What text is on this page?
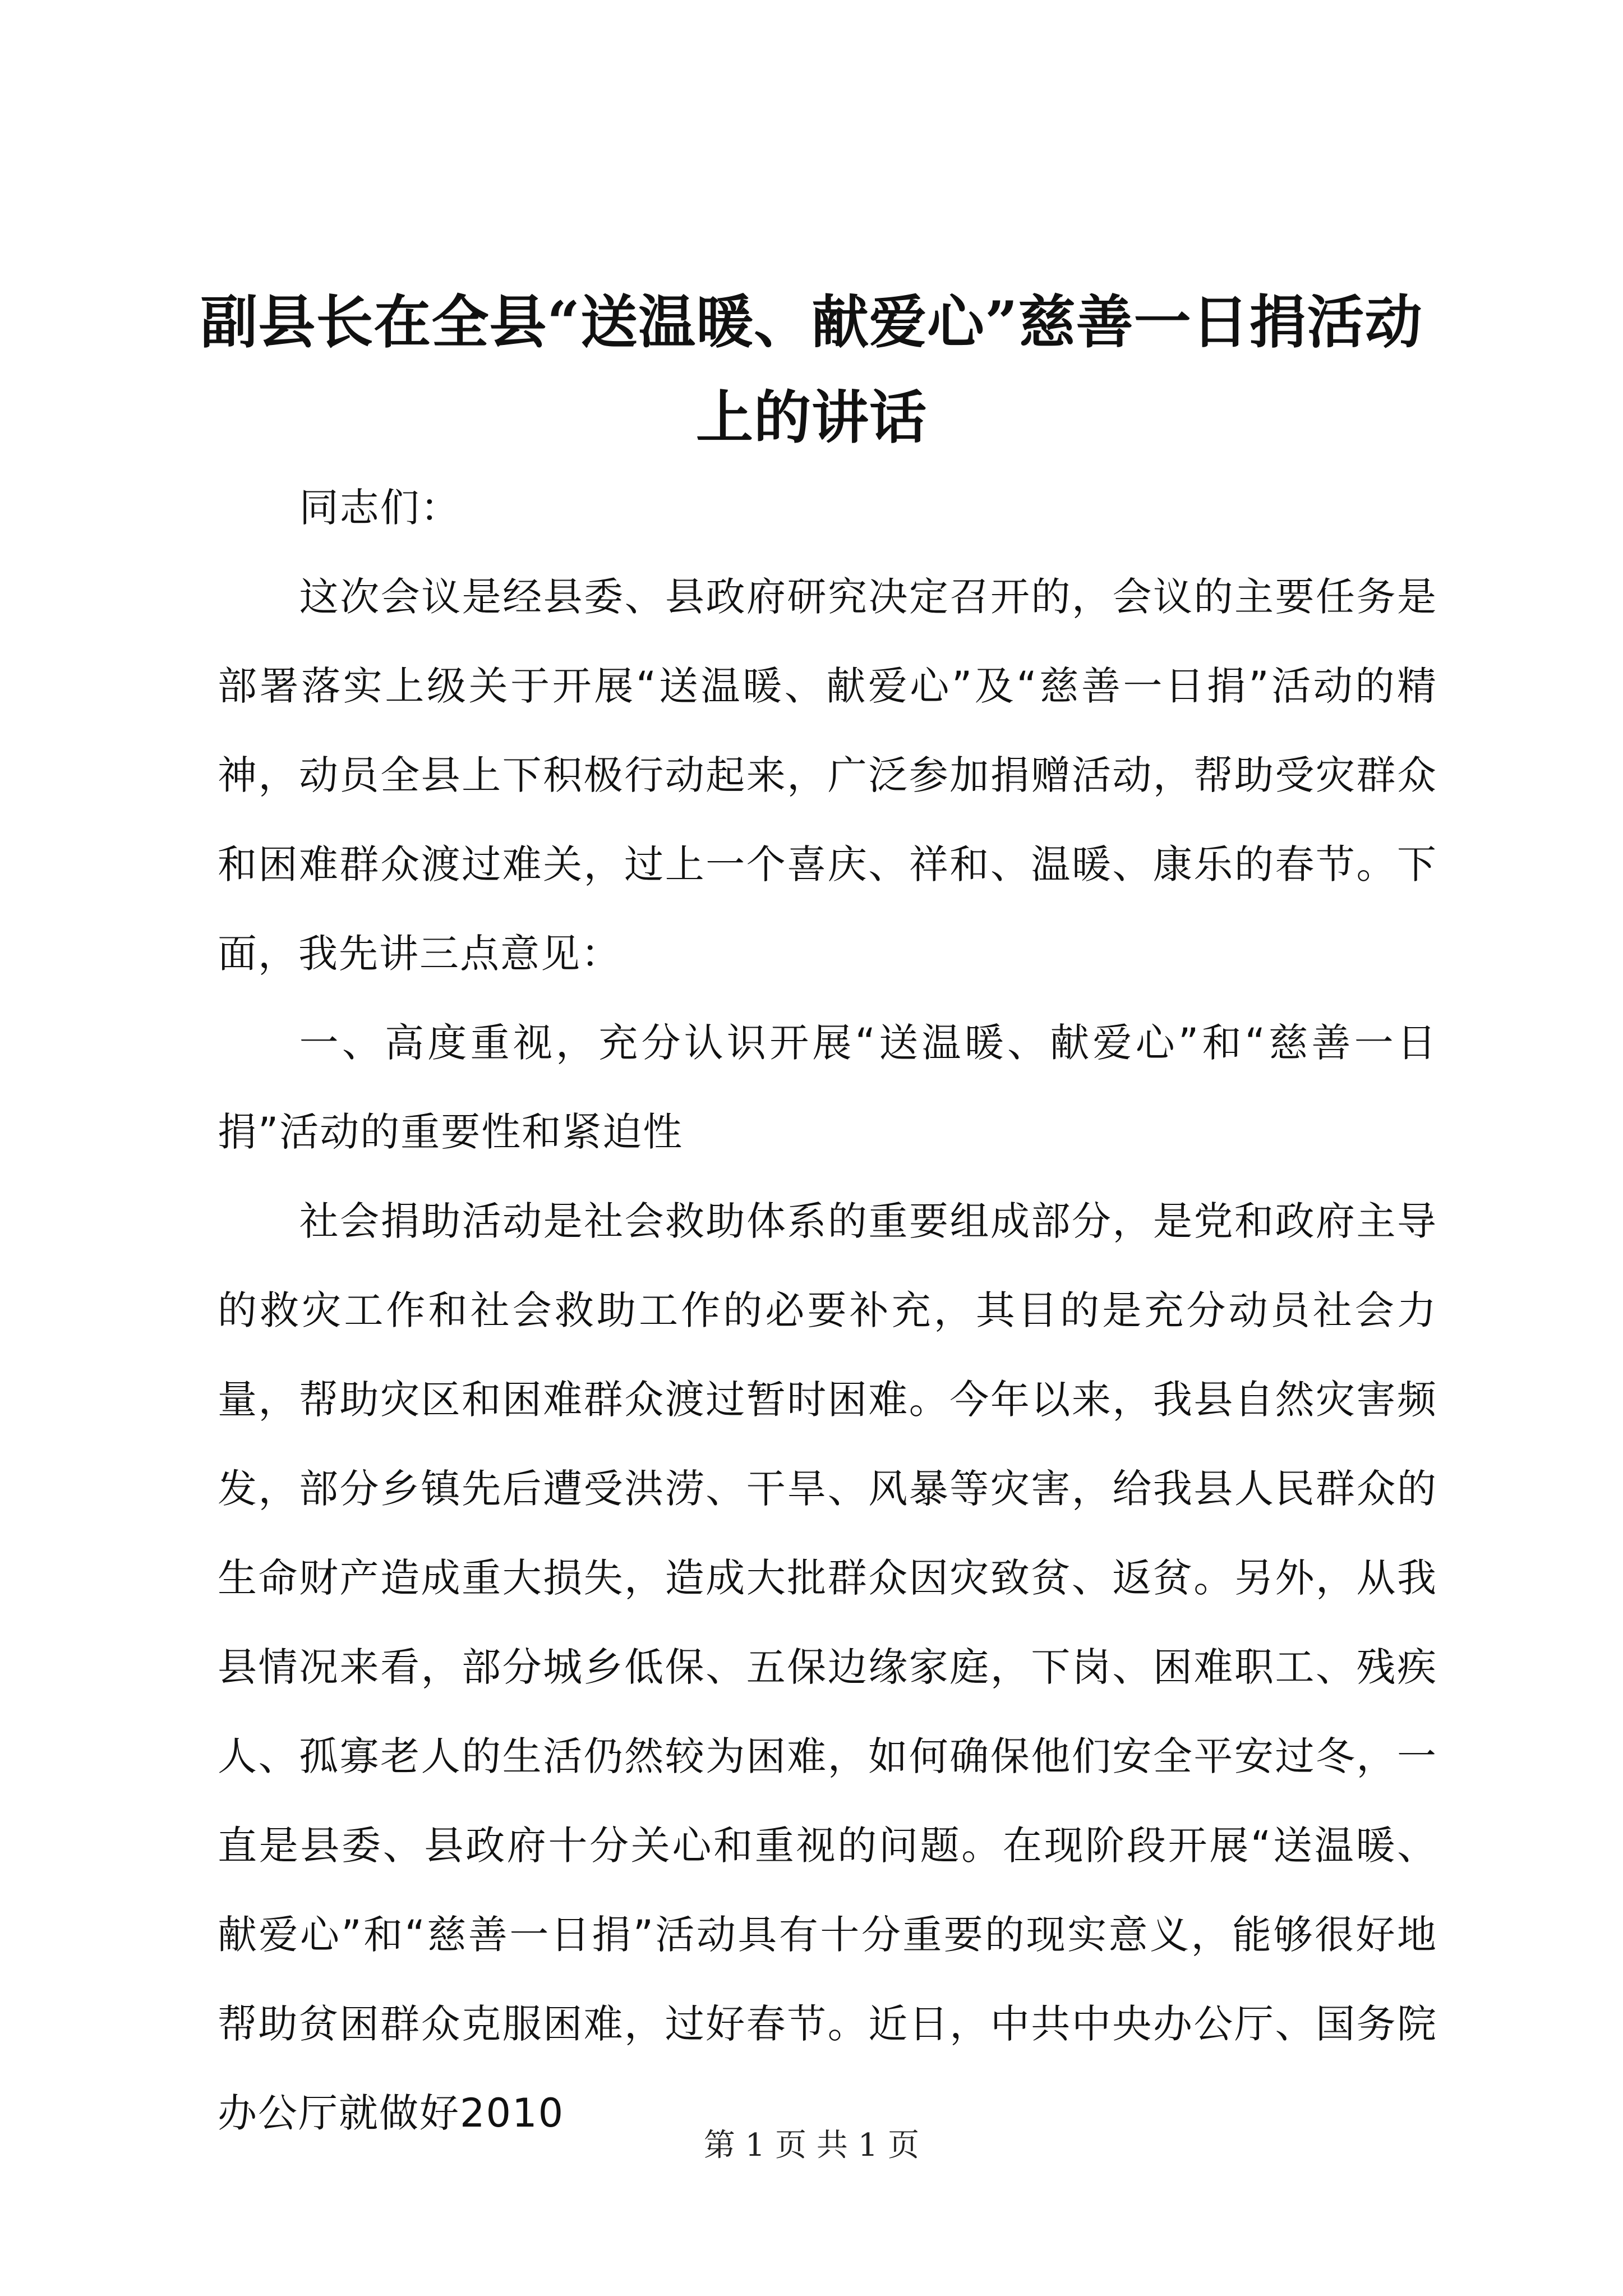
副县长在全县“送温暖、献爱心”慈善一日捐活动上的讲话

同志们：

这次会议是经县委、县政府研究决定召开的，会议的主要任务是部署落实上级关于开展“送温暖、献爱心”及“慈善一日捐”活动的精神，动员全县上下积极行动起来，广泛参加捐赠活动，帮助受灾群众和困难群众渡过难关，过上一个喜庆、祥和、温暖、康乐的春节。下面，我先讲三点意见：

一、高度重视，充分认识开展“送温暖、献爱心”和“慈善一日捐”活动的重要性和紧迫性

社会捐助活动是社会救助体系的重要组成部分，是党和政府主导的救灾工作和社会救助工作的必要补充，其目的是充分动员社会力量，帮助灾区和困难群众渡过暂时困难。今年以来，我县自然灾害频发，部分乡镇先后遭受洪涝、干旱、风暴等灾害，给我县人民群众的生命财产造成重大损失，造成大批群众因灾致贫、返贫。另外，从我县情况来看，部分城乡低保、五保边缘家庭，下岗、困难职工、残疾人、孤寡老人的生活仍然较为困难，如何确保他们安全平安过冬，一直是县委、县政府十分关心和重视的问题。在现阶段开展“送温暖、献爱心”和“慈善一日捐”活动具有十分重要的现实意义，能够很好地帮助贫困群众克服困难，过好春节。近日，中共中央办公厅、国务院办公厅就做好2010

第 1 页 共 1 页
